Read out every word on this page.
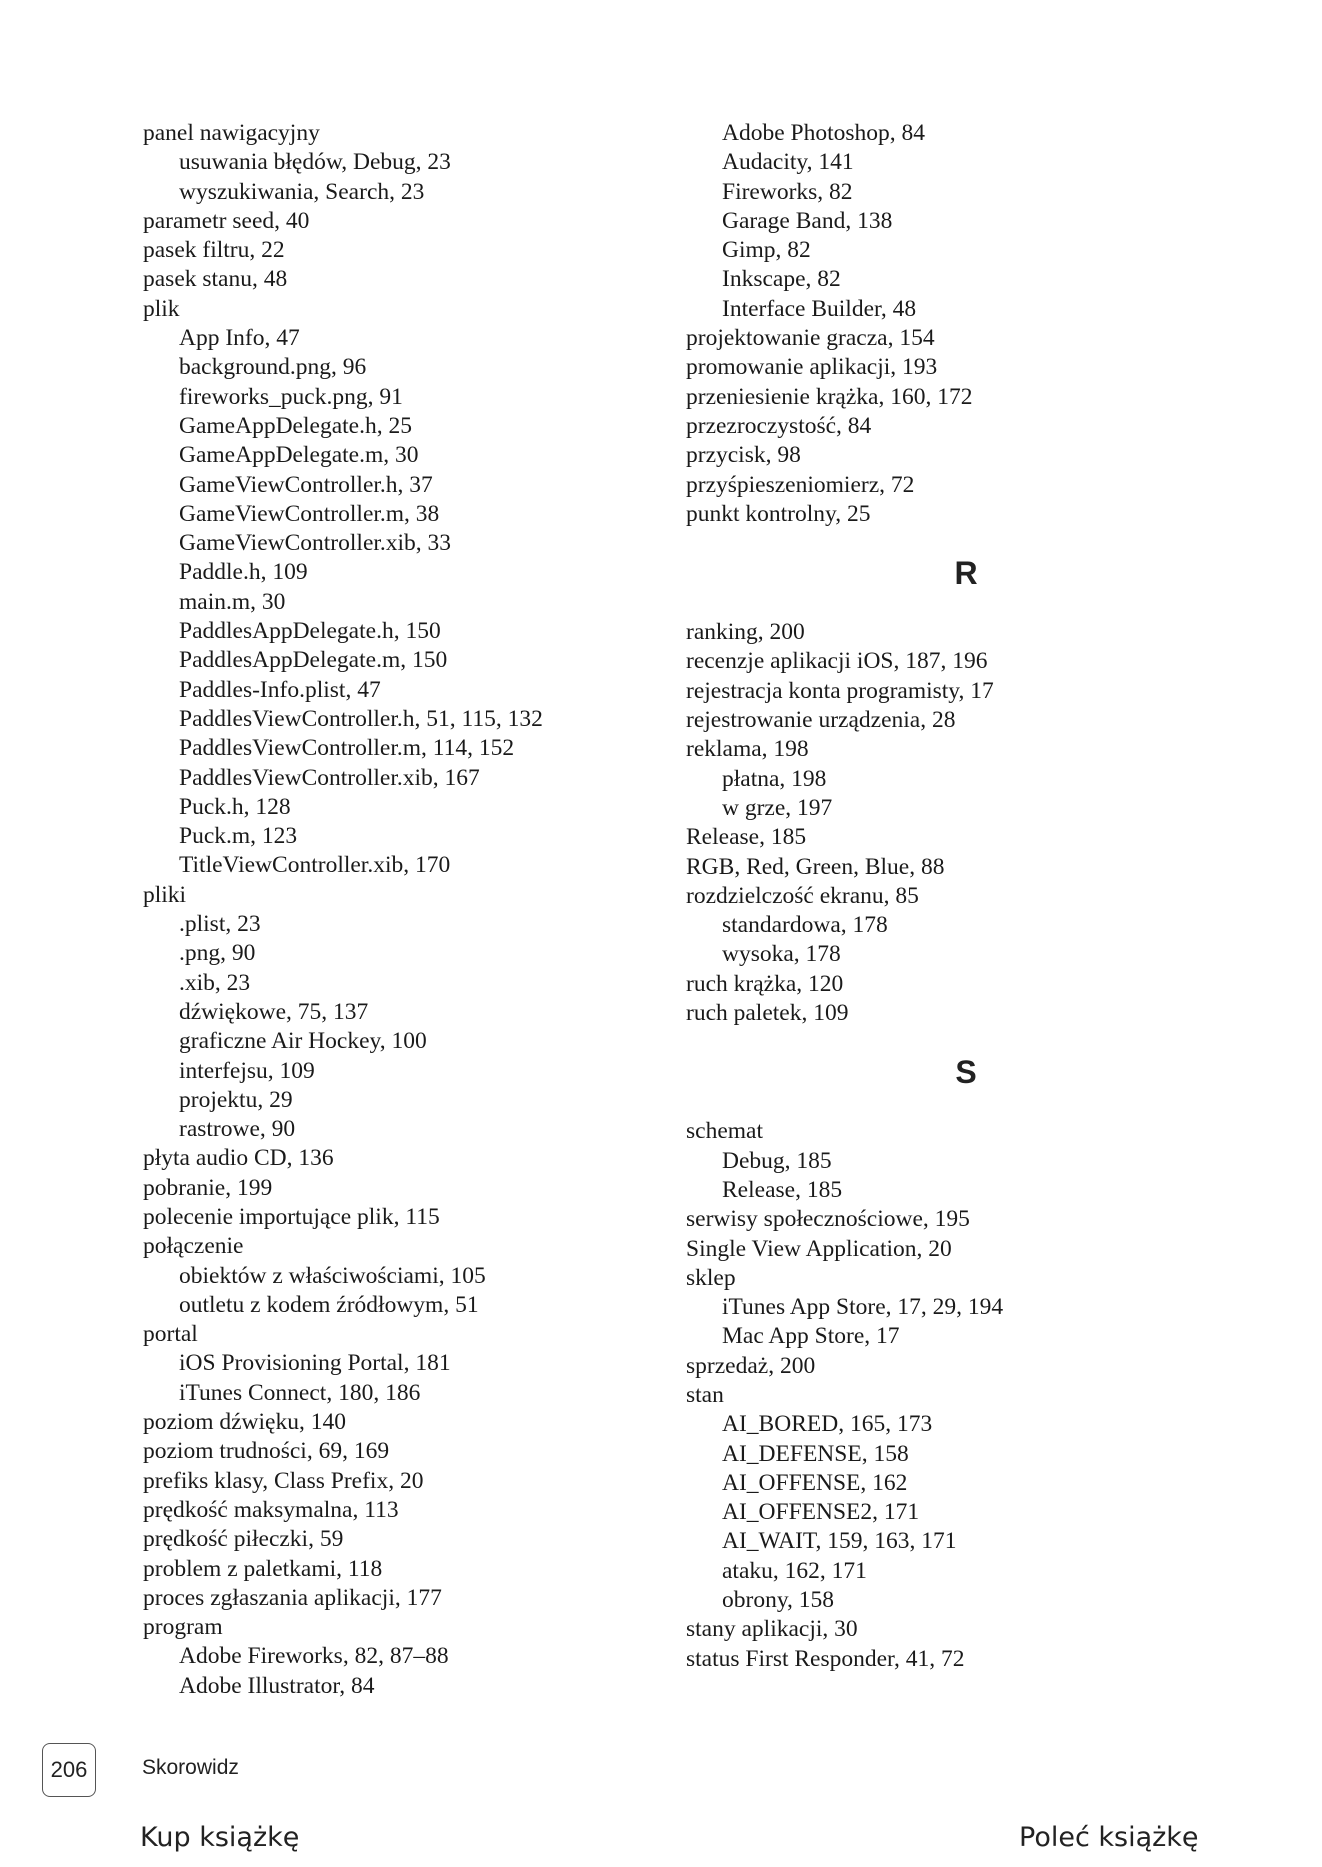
panel nawigacyjny
usuwania błędów, Debug, 23
wyszukiwania, Search, 23
parametr seed, 40
pasek filtru, 22
pasek stanu, 48
plik
App Info, 47
background.png, 96
fireworks_puck.png, 91
GameAppDelegate.h, 25
GameAppDelegate.m, 30
GameViewController.h, 37
GameViewController.m, 38
GameViewController.xib, 33
Paddle.h, 109
main.m, 30
PaddlesAppDelegate.h, 150
PaddlesAppDelegate.m, 150
Paddles-Info.plist, 47
PaddlesViewController.h, 51, 115, 132
PaddlesViewController.m, 114, 152
PaddlesViewController.xib, 167
Puck.h, 128
Puck.m, 123
TitleViewController.xib, 170
pliki
.plist, 23
.png, 90
.xib, 23
dźwiękowe, 75, 137
graficzne Air Hockey, 100
interfejsu, 109
projektu, 29
rastrowe, 90
płyta audio CD, 136
pobranie, 199
polecenie importujące plik, 115
połączenie
obiektów z właściwościami, 105
outletu z kodem źródłowym, 51
portal
iOS Provisioning Portal, 181
iTunes Connect, 180, 186
poziom dźwięku, 140
poziom trudności, 69, 169
prefiks klasy, Class Prefix, 20
prędkość maksymalna, 113
prędkość piłeczki, 59
problem z paletkami, 118
proces zgłaszania aplikacji, 177
program
Adobe Fireworks, 82, 87–88
Adobe Illustrator, 84
Adobe Photoshop, 84
Audacity, 141
Fireworks, 82
Garage Band, 138
Gimp, 82
Inkscape, 82
Interface Builder, 48
projektowanie gracza, 154
promowanie aplikacji, 193
przeniesienie krążka, 160, 172
przezroczystość, 84
przycisk, 98
przyśpieszeniomierz, 72
punkt kontrolny, 25
R
ranking, 200
recenzje aplikacji iOS, 187, 196
rejestracja konta programisty, 17
rejestrowanie urządzenia, 28
reklama, 198
płatna, 198
w grze, 197
Release, 185
RGB, Red, Green, Blue, 88
rozdzielczość ekranu, 85
standardowa, 178
wysoka, 178
ruch krążka, 120
ruch paletek, 109
S
schemat
Debug, 185
Release, 185
serwisy społecznościowe, 195
Single View Application, 20
sklep
iTunes App Store, 17, 29, 194
Mac App Store, 17
sprzedaż, 200
stan
AI_BORED, 165, 173
AI_DEFENSE, 158
AI_OFFENSE, 162
AI_OFFENSE2, 171
AI_WAIT, 159, 163, 171
ataku, 162, 171
obrony, 158
stany aplikacji, 30
status First Responder, 41, 72
206	Skorowidz
Kup książkę	Poleć książkę
